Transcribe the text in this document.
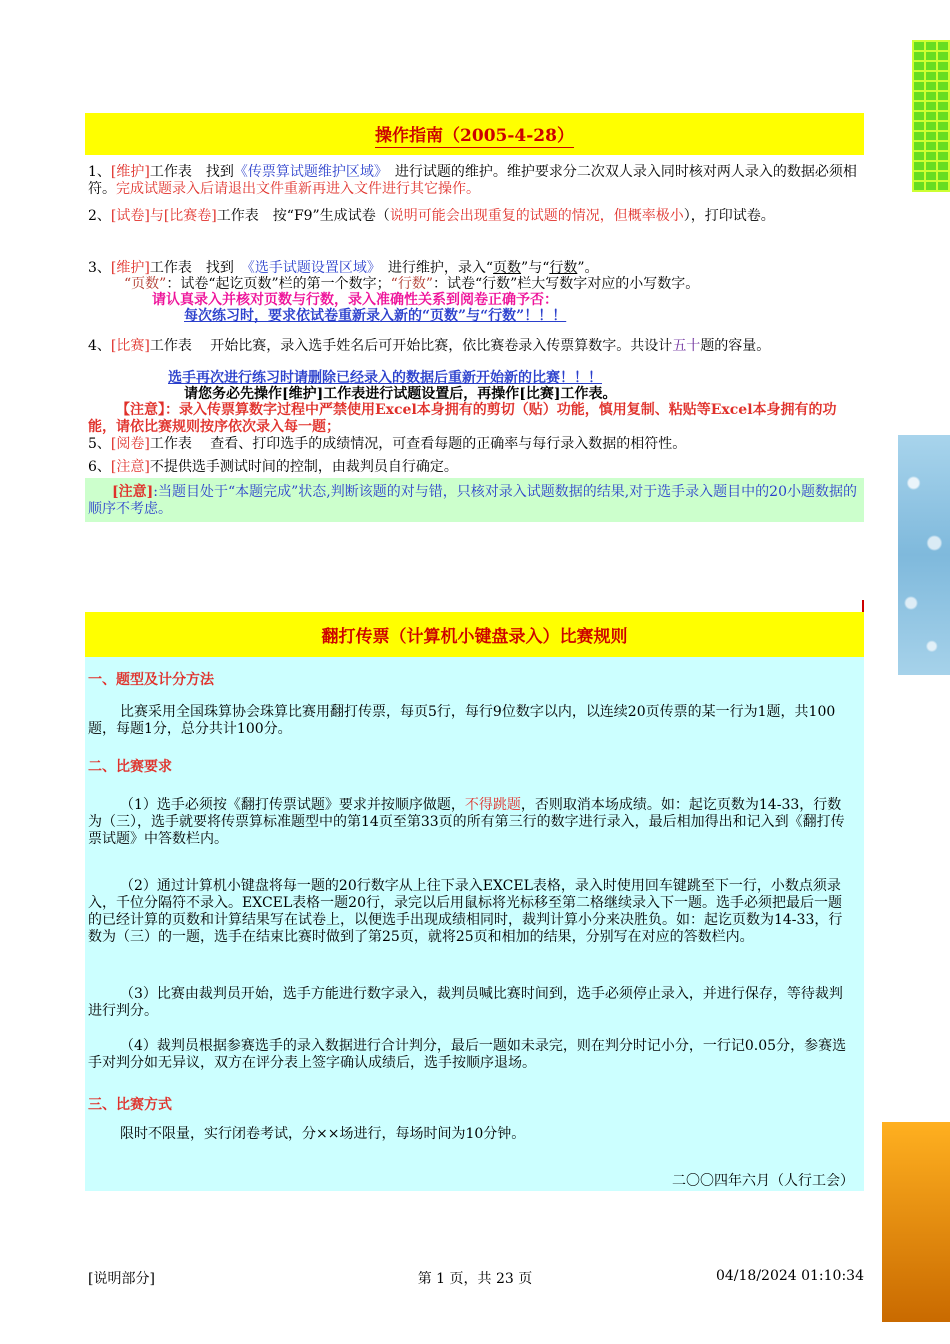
操作指南（2005-4-28）
1、[维护]工作表　找到《传票算试题维护区域》　进行试题的维护。维护要求分二次双人录入同时核对两人录入的数据必须相符。完成试题录入后请退出文件重新再进入文件进行其它操作。
2、[试卷]与[比赛卷]工作表　按“F9”生成试卷（说明可能会出现重复的试题的情况，但概率极小），打印试卷。
3、[维护]工作表　找到　《选手试题设置区域》　进行维护，录入“页数”与“行数”。
“页数”：试卷“起讫页数”栏的第一个数字；“行数”：试卷“行数”栏大写数字对应的小写数字。
请认真录入并核对页数与行数，录入准确性关系到阅卷正确予否：
每次练习时，要求依试卷重新录入新的“页数”与“行数”！！！
4、[比赛]工作表　 开始比赛，录入选手姓名后可开始比赛，依比赛卷录入传票算数字。共设计五十题的容量。
选手再次进行练习时请删除已经录入的数据后重新开始新的比赛！！！
请您务必先操作[维护]工作表进行试题设置后，再操作[比赛]工作表。
【注意】：录入传票算数字过程中严禁使用Excel本身拥有的剪切（贴）功能，慎用复制、粘贴等Excel本身拥有的功能，请依比赛规则按序依次录入每一题；
5、[阅卷]工作表　 查看、打印选手的成绩情况，可查看每题的正确率与每行录入数据的相符性。
6、[注意]不提供选手测试时间的控制，由裁判员自行确定。
[注意]:当题目处于“本题完成”状态,判断该题的对与错，只核对录入试题数据的结果,对于选手录入题目中的20小题数据的顺序不考虑。
翻打传票（计算机小键盘录入）比赛规则
一、题型及计分方法
比赛采用全国珠算协会珠算比赛用翻打传票，每页5行，每行9位数字以内，以连续20页传票的某一行为1题，共100题，每题1分，总分共计100分。
二、比赛要求
（1）选手必须按《翻打传票试题》要求并按顺序做题，不得跳题，否则取消本场成绩。如：起讫页数为14-33，行数为（三），选手就要将传票算标准题型中的第14页至第33页的所有第三行的数字进行录入，最后相加得出和记入到《翻打传票试题》中答数栏内。
（2）通过计算机小键盘将每一题的20行数字从上往下录入EXCEL表格，录入时使用回车键跳至下一行，小数点须录入，千位分隔符不录入。EXCEL表格一题20行，录完以后用鼠标将光标移至第二格继续录入下一题。选手必须把最后一题的已经计算的页数和计算结果写在试卷上，以便选手出现成绩相同时，裁判计算小分来决胜负。如：起讫页数为14-33，行数为（三）的一题，选手在结束比赛时做到了第25页，就将25页和相加的结果，分别写在对应的答数栏内。
（3）比赛由裁判员开始，选手方能进行数字录入，裁判员喊比赛时间到，选手必须停止录入，并进行保存，等待裁判进行判分。
（4）裁判员根据参赛选手的录入数据进行合计判分，最后一题如未录完，则在判分时记小分，一行记0.05分，参赛选手对判分如无异议，双方在评分表上签字确认成绩后，选手按顺序退场。
三、比赛方式
限时不限量，实行闭卷考试，分××场进行，每场时间为10分钟。
二〇〇四年六月（人行工会）
[说明部分]	第 1 页，共 23 页	04/18/2024 01:10:34
